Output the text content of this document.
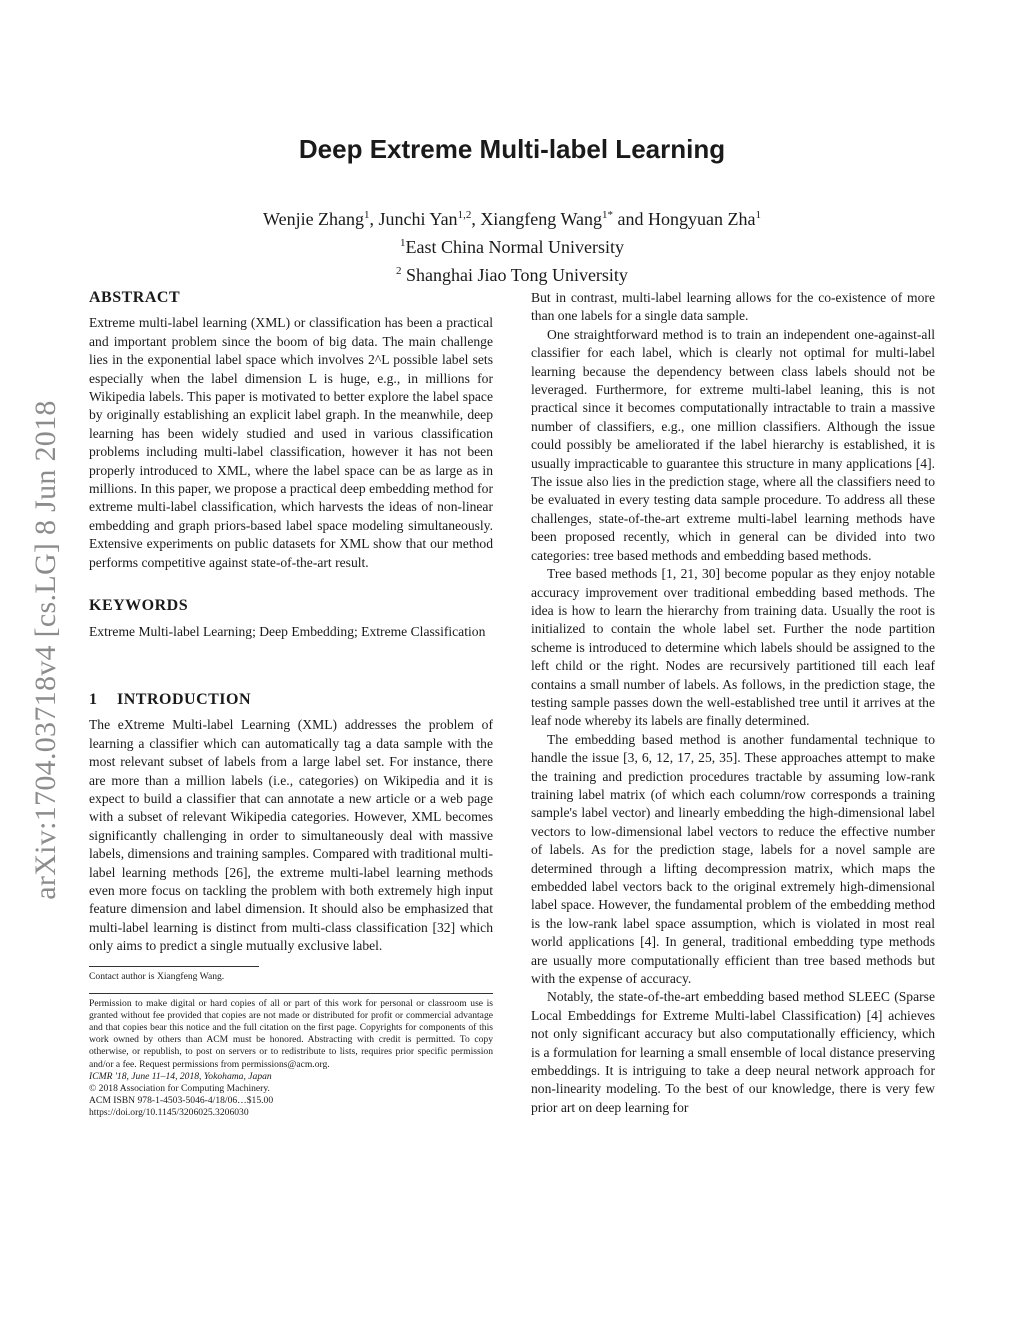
arXiv:1704.03718v4 [cs.LG] 8 Jun 2018
Deep Extreme Multi-label Learning
Wenjie Zhang$^1$, Junchi Yan$^{1,2}$, Xiangfeng Wang$^{1*}$ and Hongyuan Zha$^1$
$^1$East China Normal University
$^2$ Shanghai Jiao Tong University
ABSTRACT

Extreme multi-label learning (XML) or classification has been a practical and important problem since the boom of big data. The main challenge lies in the exponential label space which involves 2^L possible label sets especially when the label dimension L is huge, e.g., in millions for Wikipedia labels. This paper is motivated to better explore the label space by originally establishing an explicit label graph. In the meanwhile, deep learning has been widely studied and used in various classification problems including multi-label classification, however it has not been properly introduced to XML, where the label space can be as large as in millions. In this paper, we propose a practical deep embedding method for extreme multi-label classification, which harvests the ideas of non-linear embedding and graph priors-based label space modeling simultaneously. Extensive experiments on public datasets for XML show that our method performs competitive against state-of-the-art result.

KEYWORDS

Extreme Multi-label Learning; Deep Embedding; Extreme Classification

1 INTRODUCTION

The eXtreme Multi-label Learning (XML) addresses the problem of learning a classifier which can automatically tag a data sample with the most relevant subset of labels from a large label set. For instance, there are more than a million labels (i.e., categories) on Wikipedia and it is expect to build a classifier that can annotate a new article or a web page with a subset of relevant Wikipedia categories. However, XML becomes significantly challenging in order to simultaneously deal with massive labels, dimensions and training samples. Compared with traditional multi-label learning methods [26], the extreme multi-label learning methods even more focus on tackling the problem with both extremely high input feature dimension and label dimension. It should also be emphasized that multi-label learning is distinct from multi-class classification [32] which only aims to predict a single mutually exclusive label.

Contact author is Xiangfeng Wang.
Permission to make digital or hard copies of all or part of this work for personal or classroom use is granted without fee provided that copies are not made or distributed for profit or commercial advantage and that copies bear this notice and the full citation on the first page. Copyrights for components of this work owned by others than ACM must be honored. Abstracting with credit is permitted. To copy otherwise, or republish, to post on servers or to redistribute to lists, requires prior specific permission and/or a fee. Request permissions from permissions@acm.org.
ICMR '18, June 11–14, 2018, Yokohama, Japan
© 2018 Association for Computing Machinery.
ACM ISBN 978-1-4503-5046-4/18/06…$15.00
https://doi.org/10.1145/3206025.3206030

But in contrast, multi-label learning allows for the co-existence of more than one labels for a single data sample.

One straightforward method is to train an independent one-against-all classifier for each label, which is clearly not optimal for multi-label learning because the dependency between class labels should not be leveraged. Furthermore, for extreme multi-label leaning, this is not practical since it becomes computationally intractable to train a massive number of classifiers, e.g., one million classifiers. Although the issue could possibly be ameliorated if the label hierarchy is established, it is usually impracticable to guarantee this structure in many applications [4]. The issue also lies in the prediction stage, where all the classifiers need to be evaluated in every testing data sample procedure. To address all these challenges, state-of-the-art extreme multi-label learning methods have been proposed recently, which in general can be divided into two categories: tree based methods and embedding based methods.

Tree based methods [1, 21, 30] become popular as they enjoy notable accuracy improvement over traditional embedding based methods. The idea is how to learn the hierarchy from training data. Usually the root is initialized to contain the whole label set. Further the node partition scheme is introduced to determine which labels should be assigned to the left child or the right. Nodes are recursively partitioned till each leaf contains a small number of labels. As follows, in the prediction stage, the testing sample passes down the well-established tree until it arrives at the leaf node whereby its labels are finally determined.

The embedding based method is another fundamental technique to handle the issue [3, 6, 12, 17, 25, 35]. These approaches attempt to make the training and prediction procedures tractable by assuming low-rank training label matrix (of which each column/row corresponds a training sample's label vector) and linearly embedding the high-dimensional label vectors to low-dimensional label vectors to reduce the effective number of labels. As for the prediction stage, labels for a novel sample are determined through a lifting decompression matrix, which maps the embedded label vectors back to the original extremely high-dimensional label space. However, the fundamental problem of the embedding method is the low-rank label space assumption, which is violated in most real world applications [4]. In general, traditional embedding type methods are usually more computationally efficient than tree based methods but with the expense of accuracy.

Notably, the state-of-the-art embedding based method SLEEC (Sparse Local Embeddings for Extreme Multi-label Classification) [4] achieves not only significant accuracy but also computationally efficiency, which is a formulation for learning a small ensemble of local distance preserving embeddings. It is intriguing to take a deep neural network approach for non-linearity modeling. To the best of our knowledge, there is very few prior art on deep learning for
